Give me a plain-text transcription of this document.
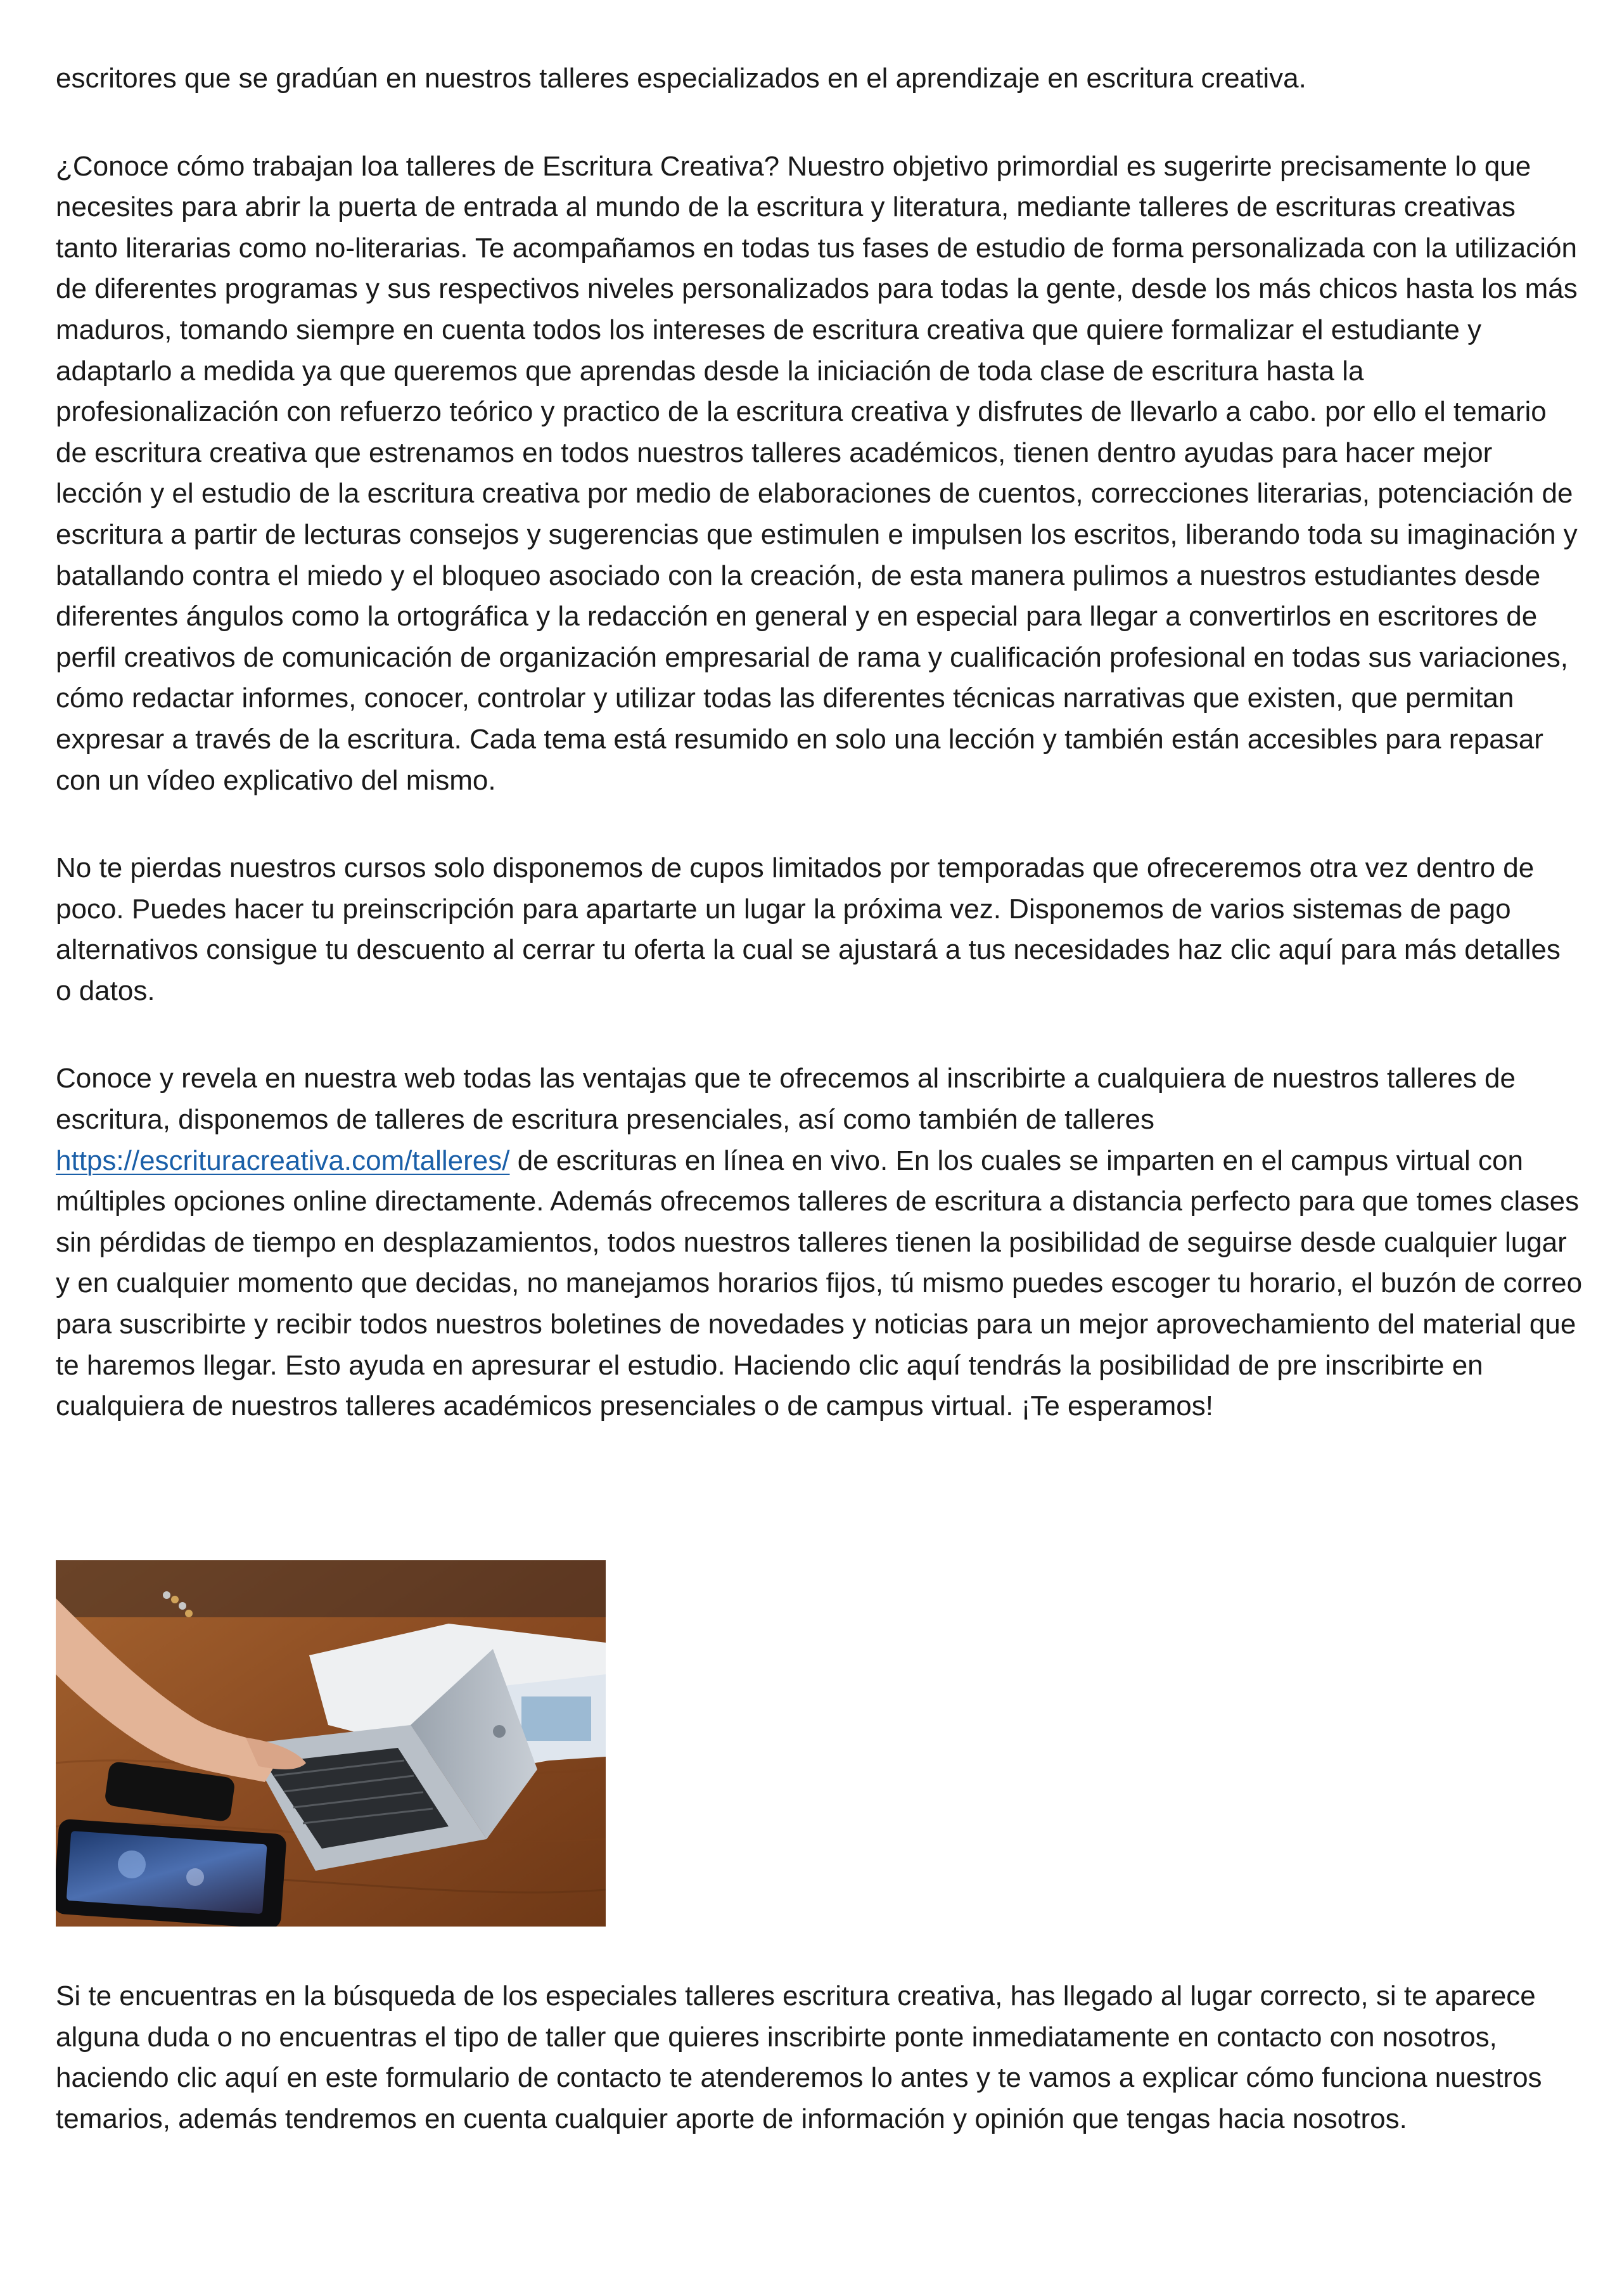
escritores que se gradúan en nuestros talleres especializados en el aprendizaje en escritura creativa.

¿Conoce cómo trabajan loa talleres de Escritura Creativa? Nuestro objetivo primordial es sugerirte precisamente lo que necesites para abrir la puerta de entrada al mundo de la escritura y literatura, mediante talleres de escrituras creativas tanto literarias como no-literarias. Te acompañamos en todas tus fases de estudio de forma personalizada con la utilización de diferentes programas y sus respectivos niveles personalizados para todas la gente, desde los más chicos hasta los más maduros, tomando siempre en cuenta todos los intereses de escritura creativa que quiere formalizar el estudiante y adaptarlo a medida ya que queremos que aprendas desde la iniciación de toda clase de escritura hasta la profesionalización con refuerzo teórico y practico de la escritura creativa y disfrutes de llevarlo a cabo. por ello el temario de escritura creativa que estrenamos en todos nuestros talleres académicos, tienen dentro ayudas para hacer mejor lección y el estudio de la escritura creativa por medio de elaboraciones de cuentos, correcciones literarias, potenciación de escritura a partir de lecturas consejos y sugerencias que estimulen e impulsen los escritos, liberando toda su imaginación y batallando contra el miedo y el bloqueo asociado con la creación, de esta manera pulimos a nuestros estudiantes desde diferentes ángulos como la ortográfica y la redacción en general y en especial para llegar a convertirlos en escritores de perfil creativos de comunicación de organización empresarial de rama y cualificación profesional en todas sus variaciones, cómo redactar informes, conocer, controlar y utilizar todas las diferentes técnicas narrativas que existen, que permitan expresar a través de la escritura. Cada tema está resumido en solo una lección y también están accesibles para repasar con un vídeo explicativo del mismo.

No te pierdas nuestros cursos solo disponemos de cupos limitados por temporadas que ofreceremos otra vez dentro de poco. Puedes hacer tu preinscripción para apartarte un lugar la próxima vez. Disponemos de varios sistemas de pago alternativos consigue tu descuento al cerrar tu oferta la cual se ajustará a tus necesidades haz clic aquí para más detalles o datos.

Conoce y revela en nuestra web todas las ventajas que te ofrecemos al inscribirte a cualquiera de nuestros talleres de escritura, disponemos de talleres de escritura presenciales, así como también de talleres https://escrituracreativa.com/talleres/ de escrituras en línea en vivo. En los cuales se imparten en el campus virtual con múltiples opciones online directamente. Además ofrecemos talleres de escritura a distancia perfecto para que tomes clases sin pérdidas de tiempo en desplazamientos, todos nuestros talleres tienen la posibilidad de seguirse desde cualquier lugar y en cualquier momento que decidas, no manejamos horarios fijos, tú mismo puedes escoger tu horario, el buzón de correo para suscribirte y recibir todos nuestros boletines de novedades y noticias para un mejor aprovechamiento del material que te haremos llegar. Esto ayuda en apresurar el estudio. Haciendo clic aquí tendrás la posibilidad de pre inscribirte en cualquiera de nuestros talleres académicos presenciales o de campus virtual. ¡Te esperamos!

Si te encuentras en la búsqueda de los especiales talleres escritura creativa, has llegado al lugar correcto, si te aparece alguna duda o no encuentras el tipo de taller que quieres inscribirte ponte inmediatamente en contacto con nosotros, haciendo clic aquí en este formulario de contacto te atenderemos lo antes y te vamos a explicar cómo funciona nuestros temarios, además tendremos en cuenta cualquier aporte de información y opinión que tengas hacia nosotros.
